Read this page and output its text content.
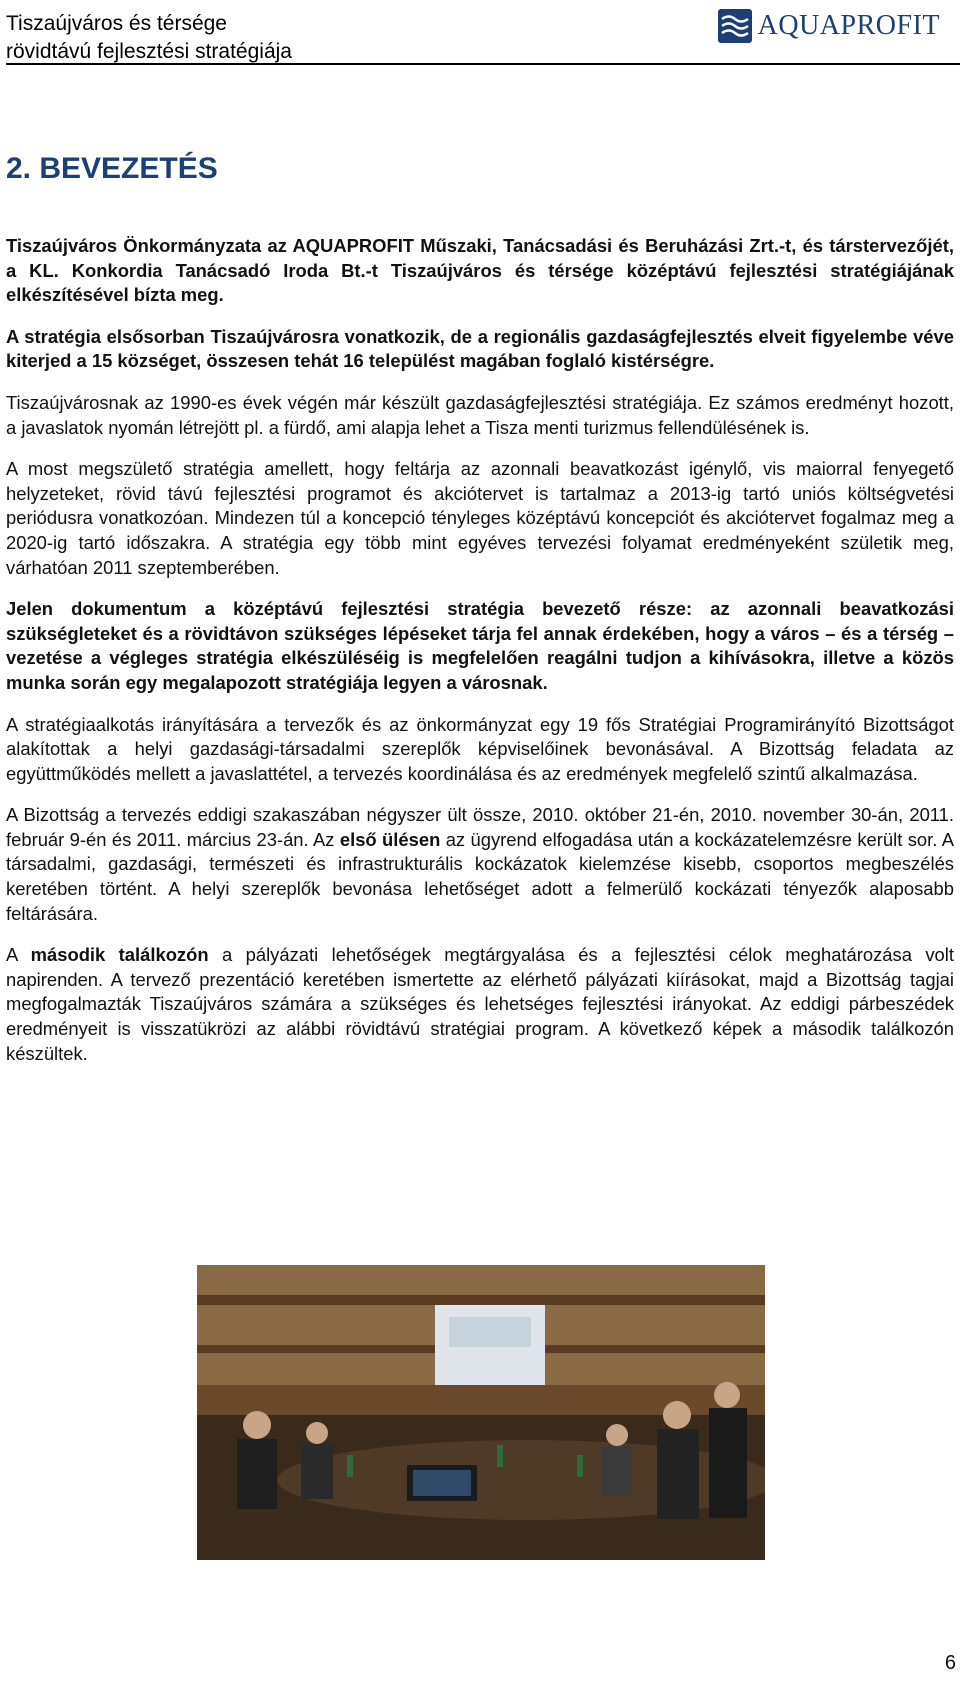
Tiszaújváros és térsége
rövidtávú fejlesztési stratégiája
AQUAPROFIT
2. BEVEZETÉS

Tiszaújváros Önkormányzata az AQUAPROFIT Műszaki, Tanácsadási és Beruházási Zrt.-t, és társtervezőjét, a KL. Konkordia Tanácsadó Iroda Bt.-t Tiszaújváros és térsége középtávú fejlesztési stratégiájának elkészítésével bízta meg.

A stratégia elsősorban Tiszaújvárosra vonatkozik, de a regionális gazdaságfejlesztés elveit figyelembe véve kiterjed a 15 községet, összesen tehát 16 települést magában foglaló kistérségre.

Tiszaújvárosnak az 1990-es évek végén már készült gazdaságfejlesztési stratégiája. Ez számos eredményt hozott, a javaslatok nyomán létrejött pl. a fürdő, ami alapja lehet a Tisza menti turizmus fellendülésének is.

A most megszülető stratégia amellett, hogy feltárja az azonnali beavatkozást igénylő, vis maiorral fenyegető helyzeteket, rövid távú fejlesztési programot és akciótervet is tartalmaz a 2013-ig tartó uniós költségvetési periódusra vonatkozóan. Mindezen túl a koncepció tényleges középtávú koncepciót és akciótervet fogalmaz meg a 2020-ig tartó időszakra. A stratégia egy több mint egyéves tervezési folyamat eredményeként születik meg, várhatóan 2011 szeptemberében.

Jelen dokumentum a középtávú fejlesztési stratégia bevezető része: az azonnali beavatkozási szükségleteket és a rövidtávon szükséges lépéseket tárja fel annak érdekében, hogy a város – és a térség – vezetése a végleges stratégia elkészüléséig is megfelelően reagálni tudjon a kihívásokra, illetve a közös munka során egy megalapozott stratégiája legyen a városnak.

A stratégiaalkotás irányítására a tervezők és az önkormányzat egy 19 fős Stratégiai Programirányító Bizottságot alakítottak a helyi gazdasági-társadalmi szereplők képviselőinek bevonásával. A Bizottság feladata az együttműködés mellett a javaslattétel, a tervezés koordinálása és az eredmények megfelelő szintű alkalmazása.

A Bizottság a tervezés eddigi szakaszában négyszer ült össze, 2010. október 21-én, 2010. november 30-án, 2011. február 9-én és 2011. március 23-án. Az első ülésen az ügyrend elfogadása után a kockázatelemzésre került sor. A társadalmi, gazdasági, természeti és infrastrukturális kockázatok kielemzése kisebb, csoportos megbeszélés keretében történt. A helyi szereplők bevonása lehetőséget adott a felmerülő kockázati tényezők alaposabb feltárására.

A második találkozón a pályázati lehetőségek megtárgyalása és a fejlesztési célok meghatározása volt napirenden. A tervező prezentáció keretében ismertette az elérhető pályázati kiírásokat, majd a Bizottság tagjai megfogalmazták Tiszaújváros számára a szükséges és lehetséges fejlesztési irányokat. Az eddigi párbeszédek eredményeit is visszatükrözi az alábbi rövidtávú stratégiai program. A következő képek a második találkozón készültek.

6
